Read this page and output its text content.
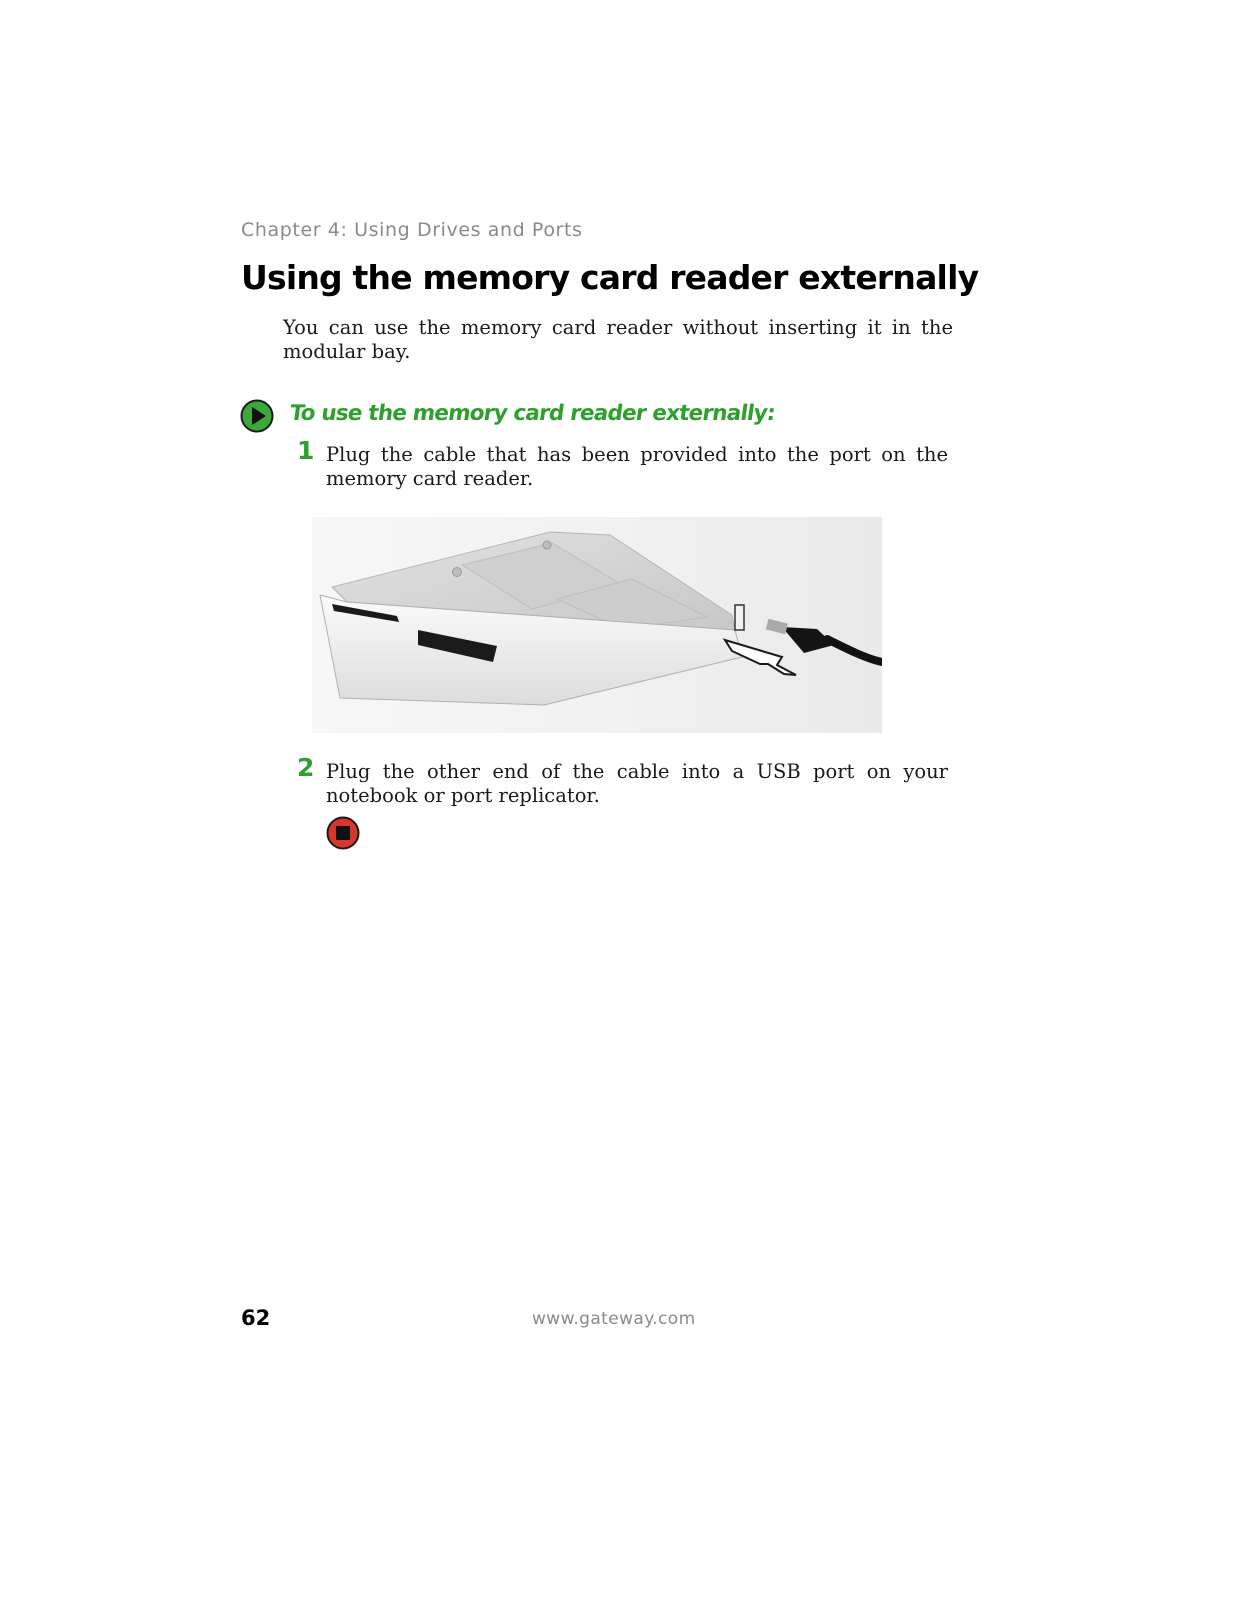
Chapter 4: Using Drives and Ports
Using the memory card reader externally

You can use the memory card reader without inserting it in the modular bay.

To use the memory card reader externally:
1 Plug the cable that has been provided into the port on the memory card reader.

2 Plug the other end of the cable into a USB port on your notebook or port replicator.

62	www.gateway.com
